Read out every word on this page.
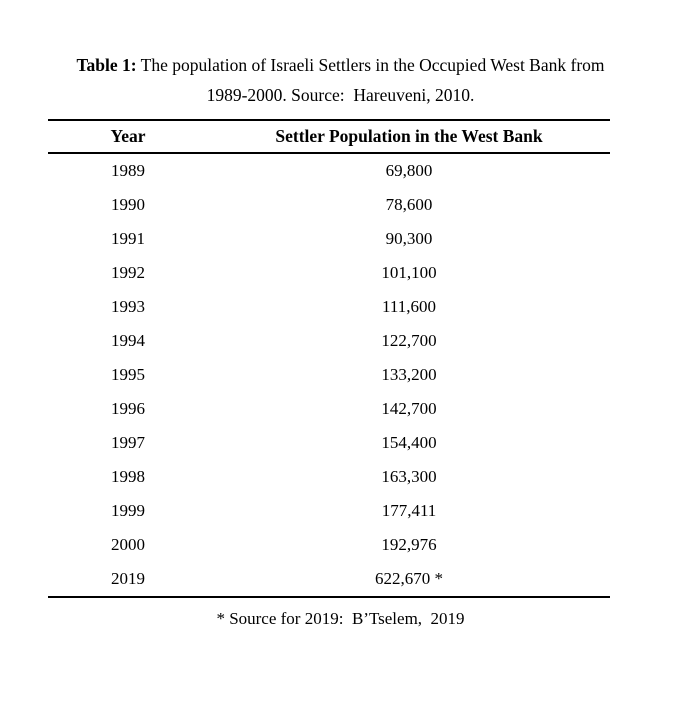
Table 1: The population of Israeli Settlers in the Occupied West Bank from
1989-2000. Source:  Hareuveni, 2010.

Year	Settler Population in the West Bank
1989	69,800
1990	78,600
1991	90,300
1992	101,100
1993	111,600
1994	122,700
1995	133,200
1996	142,700
1997	154,400
1998	163,300
1999	177,411
2000	192,976
2019	622,670 *

* Source for 2019:  B’Tselem,  2019
